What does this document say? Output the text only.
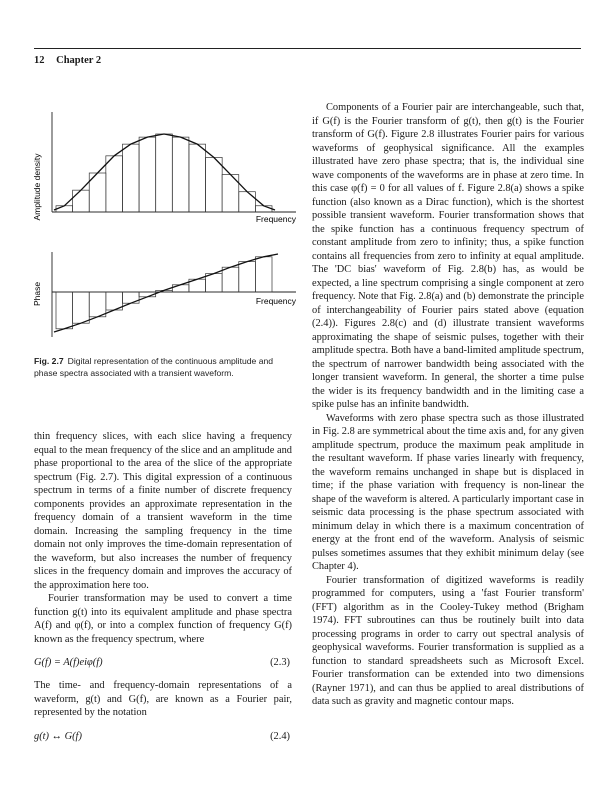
12 Chapter 2
Amplitude density	Frequency
Phase	Frequency
Fig. 2.7 Digital representation of the continuous amplitude and phase spectra associated with a transient waveform.

thin frequency slices, with each slice having a frequency equal to the mean frequency of the slice and an amplitude and phase proportional to the area of the slice of the appropriate spectrum (Fig. 2.7). This digital expression of a continuous spectrum in terms of a finite number of discrete frequency components provides an approximate representation in the frequency domain of a transient waveform in the time domain. Increasing the sampling frequency in the time domain not only improves the time-domain representation of the waveform, but also increases the number of frequency slices in the frequency domain and improves the accuracy of the approximation here too.

Fourier transformation may be used to convert a time function g(t) into its equivalent amplitude and phase spectra A(f) and φ(f), or into a complex function of frequency G(f) known as the frequency spectrum, where

G(f) = A(f)eiφ(f)	(2.3)

The time- and frequency-domain representations of a waveform, g(t) and G(f), are known as a Fourier pair, represented by the notation

g(t) ↔ G(f)	(2.4)

Components of a Fourier pair are interchangeable, such that, if G(f) is the Fourier transform of g(t), then g(t) is the Fourier transform of G(f). Figure 2.8 illustrates Fourier pairs for various waveforms of geophysical significance. All the examples illustrated have zero phase spectra; that is, the individual sine wave components of the waveforms are in phase at zero time. In this case φ(f) = 0 for all values of f. Figure 2.8(a) shows a spike function (also known as a Dirac function), which is the shortest possible transient waveform. Fourier transformation shows that the spike function has a continuous frequency spectrum of constant amplitude from zero to infinity; thus, a spike function contains all frequencies from zero to infinity at equal amplitude. The 'DC bias' waveform of Fig. 2.8(b) has, as would be expected, a line spectrum comprising a single component at zero frequency. Note that Fig. 2.8(a) and (b) demonstrate the principle of interchangeability of Fourier pairs stated above (equation (2.4)). Figures 2.8(c) and (d) illustrate transient waveforms approximating the shape of seismic pulses, together with their amplitude spectra. Both have a band-limited amplitude spectrum, the spectrum of narrower bandwidth being associated with the longer transient waveform. In general, the shorter a time pulse the wider is its frequency bandwidth and in the limiting case a spike pulse has an infinite bandwidth.

Waveforms with zero phase spectra such as those illustrated in Fig. 2.8 are symmetrical about the time axis and, for any given amplitude spectrum, produce the maximum peak amplitude in the resultant waveform. If phase varies linearly with frequency, the waveform remains unchanged in shape but is displaced in time; if the phase variation with frequency is non-linear the shape of the waveform is altered. A particularly important case in seismic data processing is the phase spectrum associated with minimum delay in which there is a maximum concentration of energy at the front end of the waveform. Analysis of seismic pulses sometimes assumes that they exhibit minimum delay (see Chapter 4).

Fourier transformation of digitized waveforms is readily programmed for computers, using a 'fast Fourier transform' (FFT) algorithm as in the Cooley-Tukey method (Brigham 1974). FFT subroutines can thus be routinely built into data processing programs in order to carry out spectral analysis of geophysical waveforms. Fourier transformation is supplied as a function to standard spreadsheets such as Microsoft Excel. Fourier transformation can be extended into two dimensions (Rayner 1971), and can thus be applied to areal distributions of data such as gravity and magnetic contour maps.
